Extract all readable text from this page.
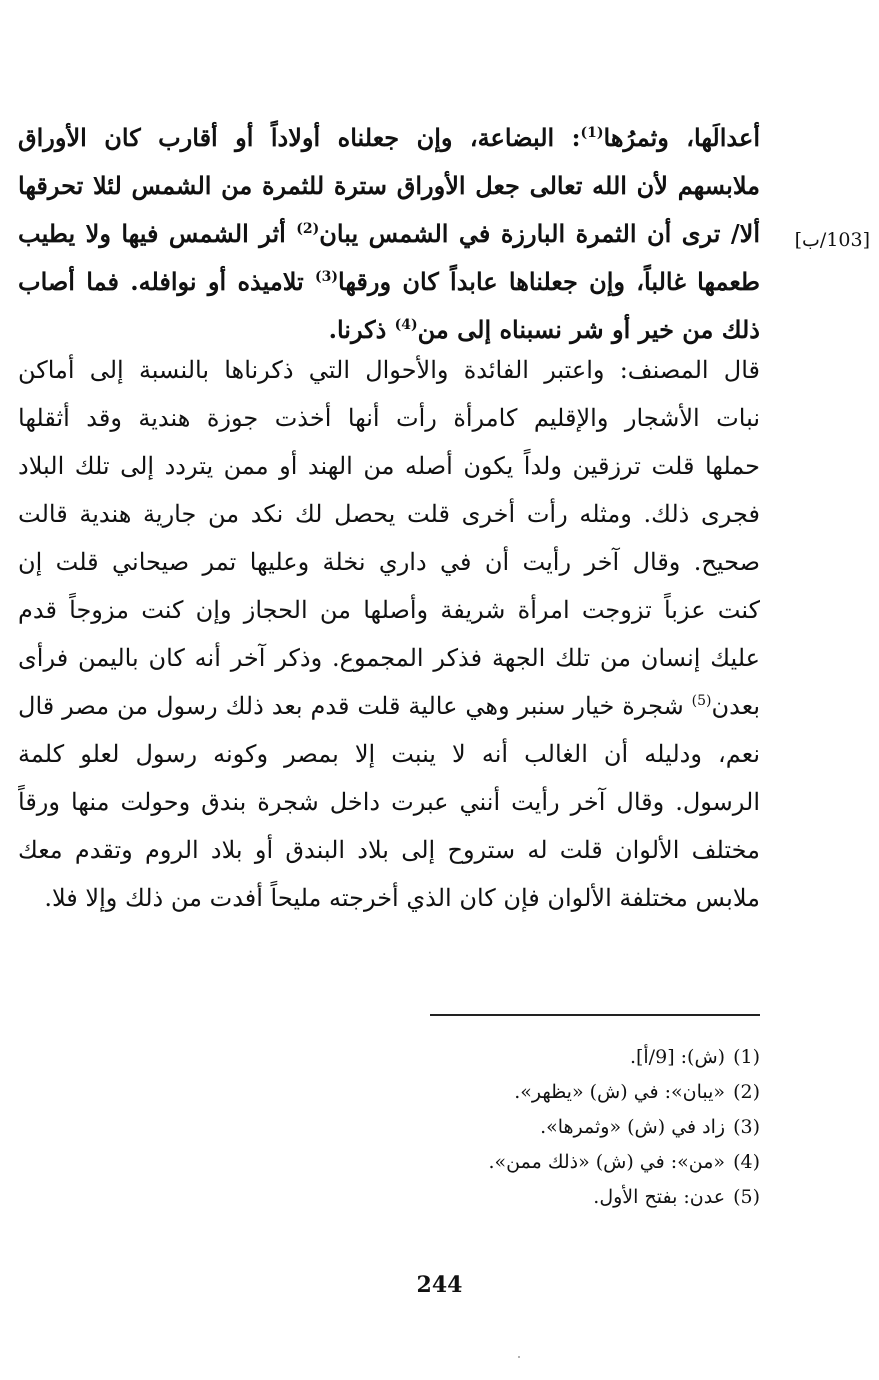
أعدالَها، وثمرُها$^{(1)}$: البضاعة، وإن جعلناه أولاداً أو أقارب كان الأوراق
ملابسهم لأن الله تعالى جعل الأوراق سترة للثمرة من الشمس لئلا تحرقها
ألا/ ترى أن الثمرة البارزة في الشمس يبان$^{(2)}$ أثر الشمس فيها ولا يطيب
طعمها غالباً، وإن جعلناها عابداً كان ورقها$^{(3)}$ تلاميذه أو نوافله. فما أصاب
ذلك من خير أو شر نسبناه إلى من$^{(4)}$ ذكرنا.
[103/ب]
قال المصنف: واعتبر الفائدة والأحوال التي ذكرناها بالنسبة إلى أماكن
نبات الأشجار والإقليم كامرأة رأت أنها أخذت جوزة هندية وقد أثقلها
حملها قلت ترزقين ولداً يكون أصله من الهند أو ممن يتردد إلى تلك البلاد
فجرى ذلك. ومثله رأت أخرى قلت يحصل لك نكد من جارية هندية قالت
صحيح. وقال آخر رأيت أن في داري نخلة وعليها تمر صيحاني قلت إن
كنت عزباً تزوجت امرأة شريفة وأصلها من الحجاز وإن كنت مزوجاً قدم
عليك إنسان من تلك الجهة فذكر المجموع. وذكر آخر أنه كان باليمن فرأى
بعدن$^{(5)}$ شجرة خيار سنبر وهي عالية قلت قدم بعد ذلك رسول من مصر قال
نعم، ودليله أن الغالب أنه لا ينبت إلا بمصر وكونه رسول لعلو كلمة
الرسول. وقال آخر رأيت أنني عبرت داخل شجرة بندق وحولت منها ورقاً
مختلف الألوان قلت له ستروح إلى بلاد البندق أو بلاد الروم وتقدم معك
ملابس مختلفة الألوان فإن كان الذي أخرجته مليحاً أفدت من ذلك وإلا فلا.
(1)(ش): [9/أ].
(2)«يبان»: في (ش) «يظهر».
(3)زاد في (ش) «وثمرها».
(4)«من»: في (ش) «ذلك ممن».
(5)عدن: بفتح الأول.
244
